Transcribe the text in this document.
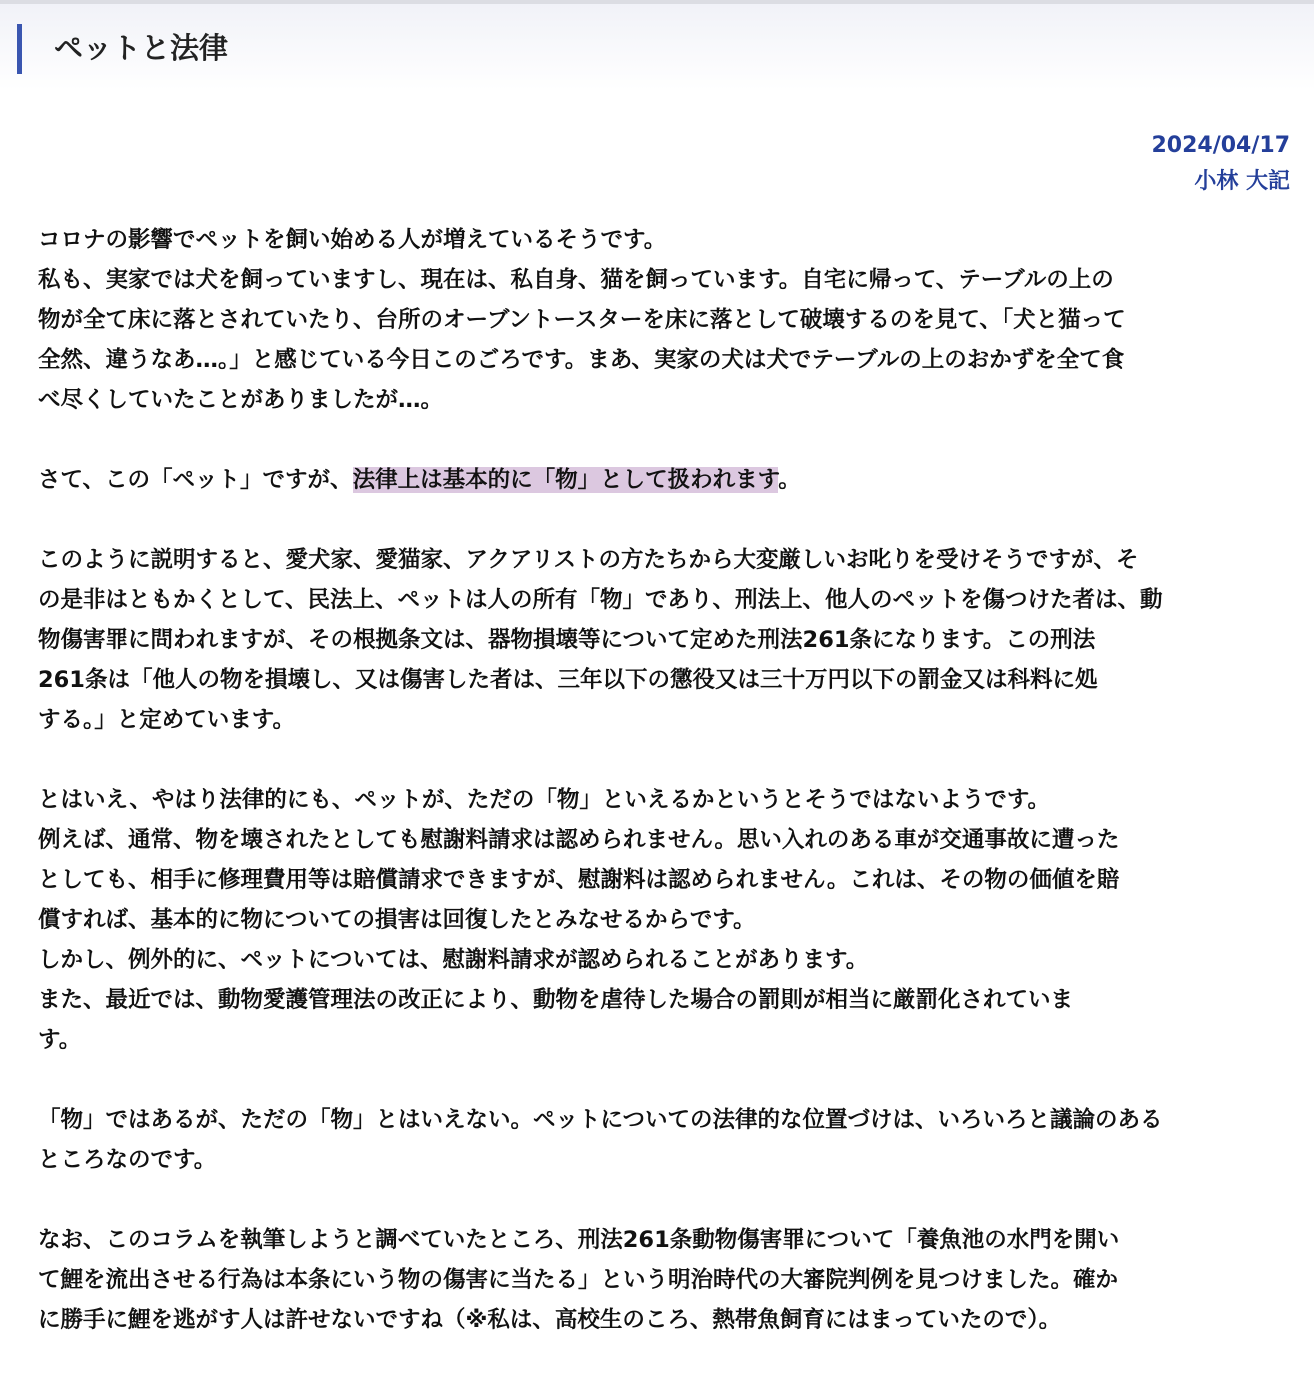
ペットと法律
2024/04/17
小林 大記

コロナの影響でペットを飼い始める人が増えているそうです。
私も、実家では犬を飼っていますし、現在は、私自身、猫を飼っています。自宅に帰って、テーブルの上の
物が全て床に落とされていたり、台所のオーブントースターを床に落として破壊するのを見て、「犬と猫って
全然、違うなあ…。」と感じている今日このごろです。まあ、実家の犬は犬でテーブルの上のおかずを全て食
べ尽くしていたことがありましたが…。

さて、この「ペット」ですが、法律上は基本的に「物」として扱われます。

このように説明すると、愛犬家、愛猫家、アクアリストの方たちから大変厳しいお叱りを受けそうですが、そ
の是非はともかくとして、民法上、ペットは人の所有「物」であり、刑法上、他人のペットを傷つけた者は、動
物傷害罪に問われますが、その根拠条文は、器物損壊等について定めた刑法261条になります。この刑法
261条は「他人の物を損壊し、又は傷害した者は、三年以下の懲役又は三十万円以下の罰金又は科料に処
する。」と定めています。

とはいえ、やはり法律的にも、ペットが、ただの「物」といえるかというとそうではないようです。
例えば、通常、物を壊されたとしても慰謝料請求は認められません。思い入れのある車が交通事故に遭った
としても、相手に修理費用等は賠償請求できますが、慰謝料は認められません。これは、その物の価値を賠
償すれば、基本的に物についての損害は回復したとみなせるからです。
しかし、例外的に、ペットについては、慰謝料請求が認められることがあります。
また、最近では、動物愛護管理法の改正により、動物を虐待した場合の罰則が相当に厳罰化されていま
す。

「物」ではあるが、ただの「物」とはいえない。ペットについての法律的な位置づけは、いろいろと議論のある
ところなのです。

なお、このコラムを執筆しようと調べていたところ、刑法261条動物傷害罪について「養魚池の水門を開い
て鯉を流出させる行為は本条にいう物の傷害に当たる」という明治時代の大審院判例を見つけました。確か
に勝手に鯉を逃がす人は許せないですね（※私は、高校生のころ、熱帯魚飼育にはまっていたので）。
